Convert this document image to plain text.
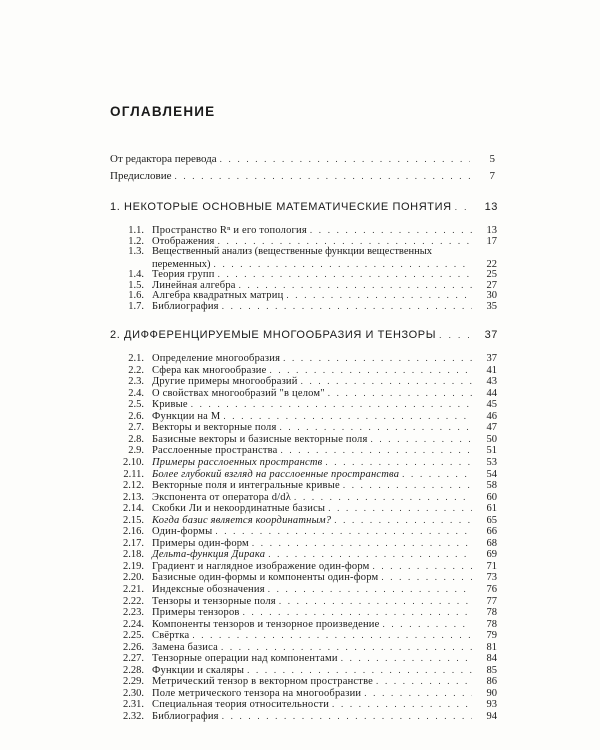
ОГЛАВЛЕНИЕ
От редактора перевода . . .	5
Предисловие . . .	7
1. НЕКОТОРЫЕ ОСНОВНЫЕ МАТЕМАТИЧЕСКИЕ ПОНЯТИЯ . . .	13
1.1. Пространство Rⁿ и его топология . . .	13
1.2. Отображения . . .	17
1.3. Вещественный анализ (вещественные функции вещественных
переменных) . . .	22
1.4. Теория групп . . .	25
1.5. Линейная алгебра . . .	27
1.6. Алгебра квадратных матриц . . .	30
1.7. Библиография . . .	35
2. ДИФФЕРЕНЦИРУЕМЫЕ МНОГООБРАЗИЯ И ТЕНЗОРЫ . . .	37
2.1. Определение многообразия . . .	37
2.2. Сфера как многообразие . . .	41
2.3. Другие примеры многообразий . . .	43
2.4. О свойствах многообразий "в целом" . . .	44
2.5. Кривые . . .	45
2.6. Функции на M . . .	46
2.7. Векторы и векторные поля . . .	47
2.8. Базисные векторы и базисные векторные поля . . .	50
2.9. Расслоенные пространства . . .	51
2.10. Примеры расслоенных пространств . . .	53
2.11. Более глубокий взгляд на расслоенные пространства . . .	54
2.12. Векторные поля и интегральные кривые . . .	58
2.13. Экспонента от оператора d/dλ . . .	60
2.14. Скобки Ли и некоординатные базисы . . .	61
2.15. Когда базис является координатным? . . .	65
2.16. Один-формы . . .	66
2.17. Примеры один-форм . . .	68
2.18. Дельта-функция Дирака . . .	69
2.19. Градиент и наглядное изображение один-форм . . .	71
2.20. Базисные один-формы и компоненты один-форм . . .	73
2.21. Индексные обозначения . . .	76
2.22. Тензоры и тензорные поля . . .	77
2.23. Примеры тензоров . . .	78
2.24. Компоненты тензоров и тензорное произведение . . .	78
2.25. Свёртка . . .	79
2.26. Замена базиса . . .	81
2.27. Тензорные операции над компонентами . . .	84
2.28. Функции и скаляры . . .	85
2.29. Метрический тензор в векторном пространстве . . .	86
2.30. Поле метрического тензора на многообразии . . .	90
2.31. Специальная теория относительности . . .	93
2.32. Библиография . . .	94
